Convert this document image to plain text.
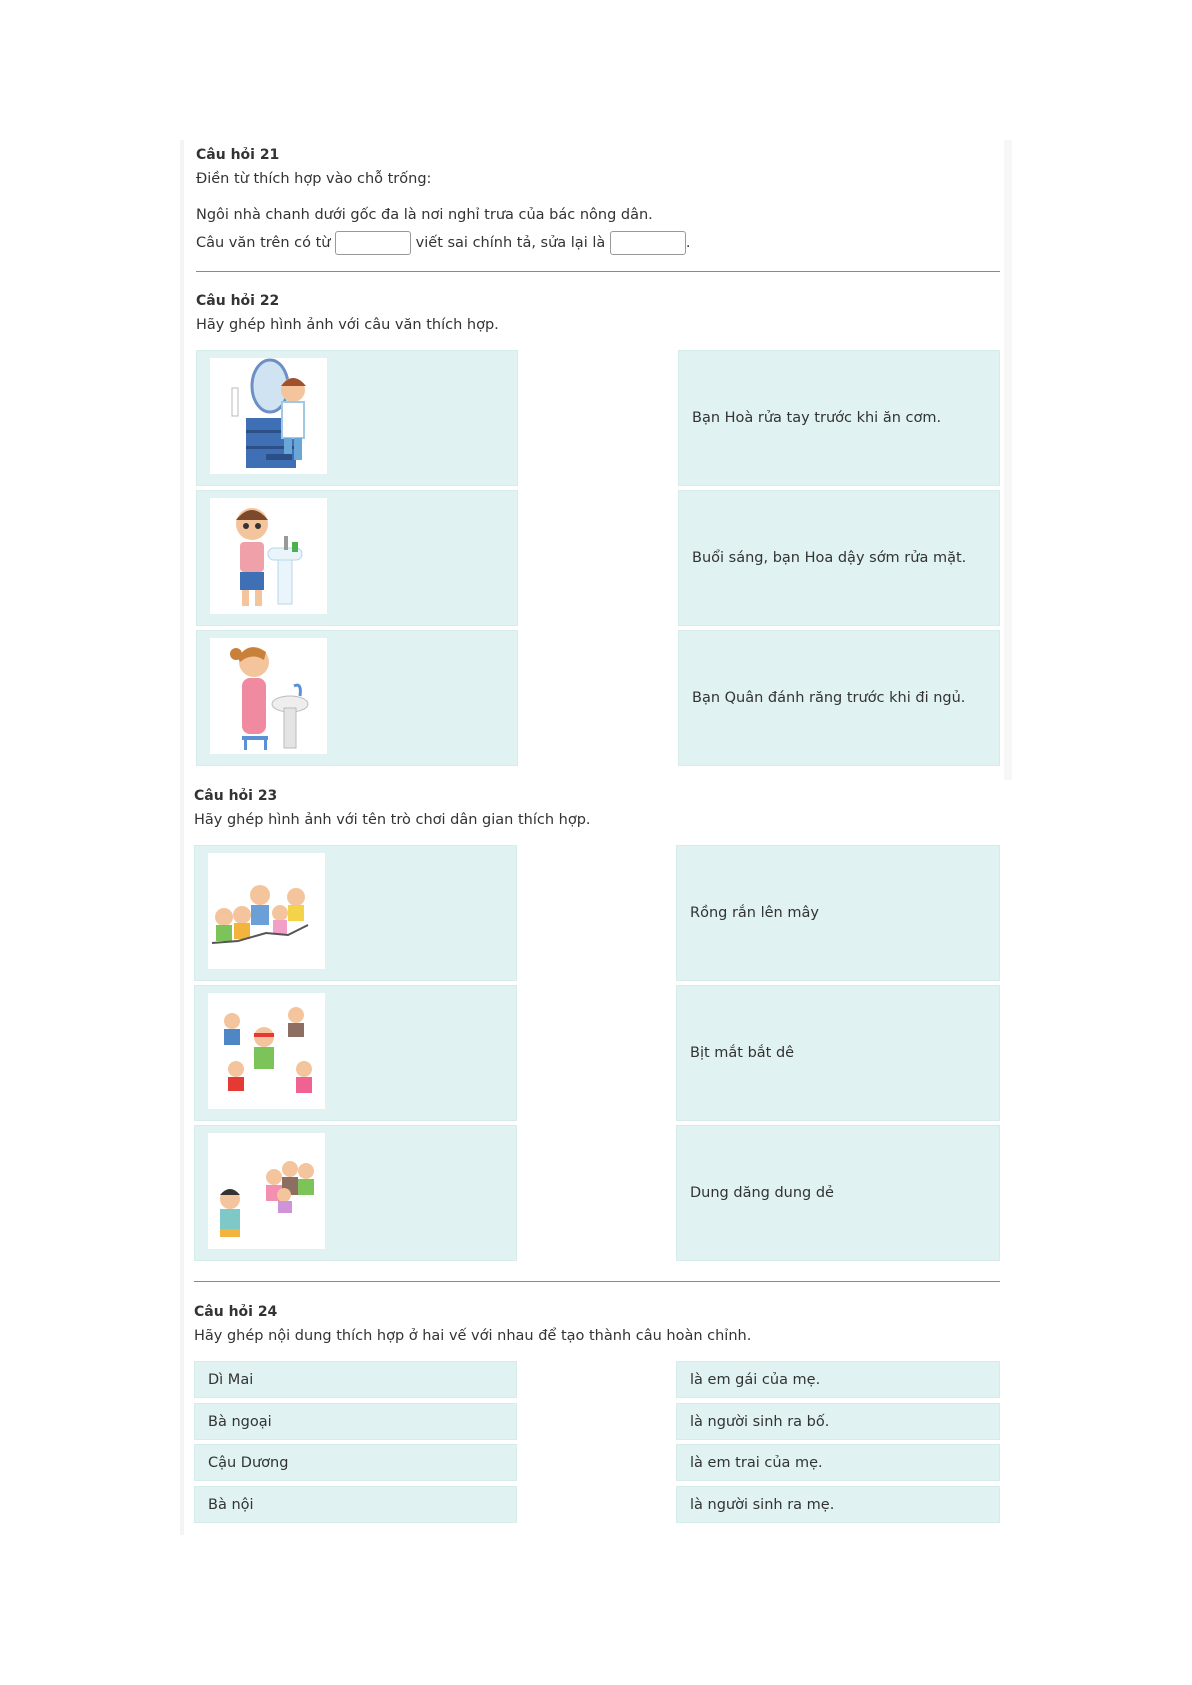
Câu hỏi 21
Điền từ thích hợp vào chỗ trống:
Ngôi nhà chanh dưới gốc đa là nơi nghỉ trưa của bác nông dân.
Câu văn trên có từ	viết sai chính tả, sửa lại là	.
Câu hỏi 22
Hãy ghép hình ảnh với câu văn thích hợp.
Bạn Hoà rửa tay trước khi ăn cơm.
Buổi sáng, bạn Hoa dậy sớm rửa mặt.
Bạn Quân đánh răng trước khi đi ngủ.
Câu hỏi 23
Hãy ghép hình ảnh với tên trò chơi dân gian thích hợp.
Rồng rắn lên mây
Bịt mắt bắt dê
Dung dăng dung dẻ
Câu hỏi 24
Hãy ghép nội dung thích hợp ở hai vế với nhau để tạo thành câu hoàn chỉnh.
Dì Mai	là em gái của mẹ.
Bà ngoại	là người sinh ra bố.
Cậu Dương	là em trai của mẹ.
Bà nội	là người sinh ra mẹ.
